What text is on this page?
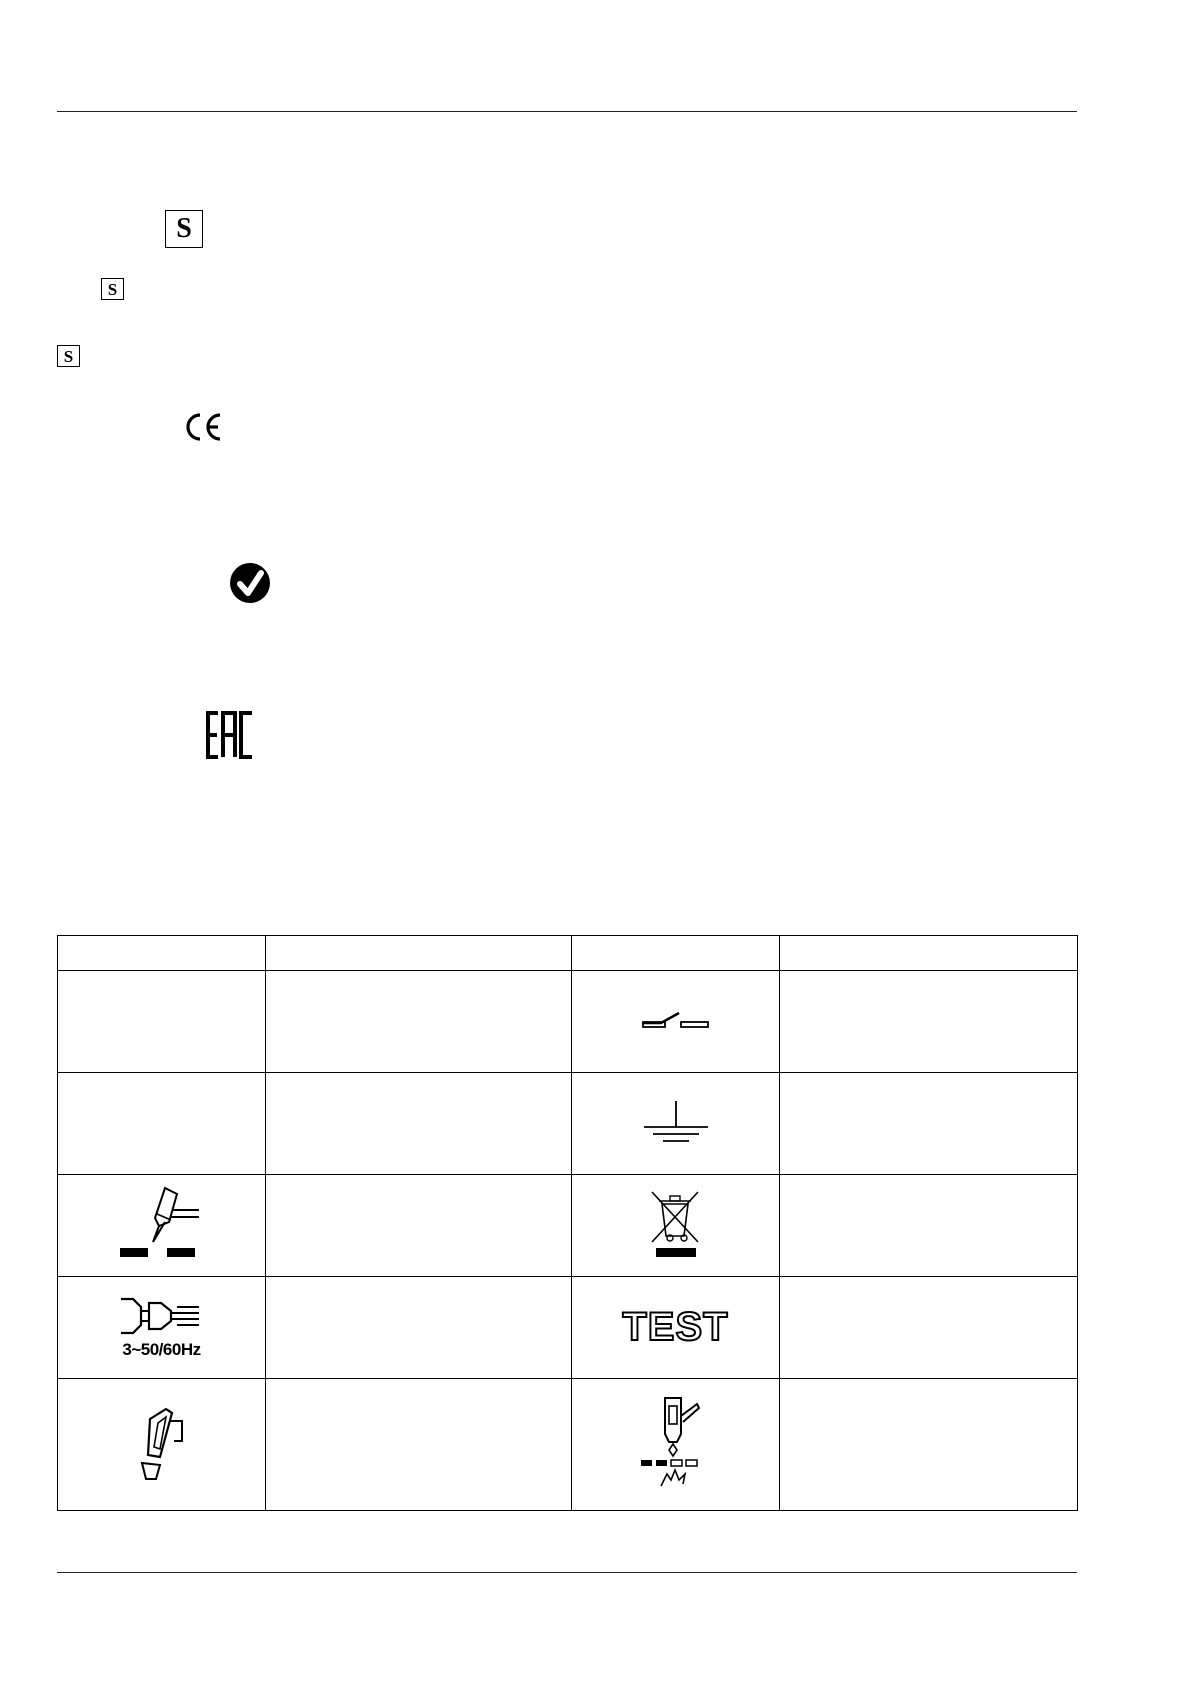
S
S
S

3~50/60Hz		TEST	
